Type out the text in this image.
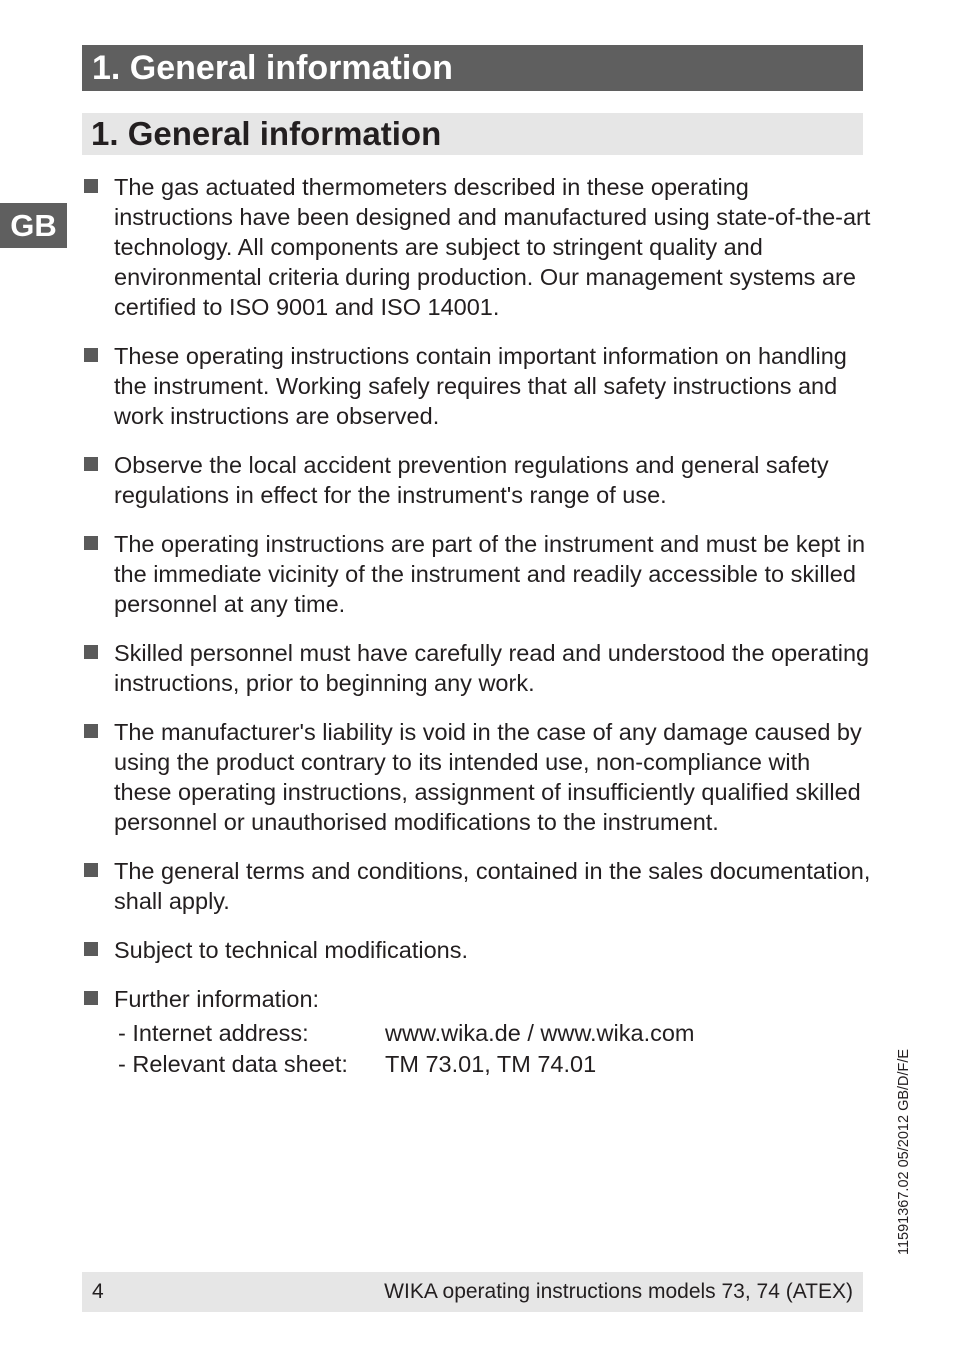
1. General information
1. General information
GB
The gas actuated thermometers described in these operating instructions have been designed and manufactured using state-of-the-art technology. All components are subject to stringent quality and environmental criteria during production. Our management systems are certified to ISO 9001 and ISO 14001.
These operating instructions contain important information on handling the instrument. Working safely requires that all safety instructions and work instructions are observed.
Observe the local accident prevention regulations and general safety regulations in effect for the instrument's range of use.
The operating instructions are part of the instrument and must be kept in the immediate vicinity of the instrument and readily accessible to skilled personnel at any time.
Skilled personnel must have carefully read and understood the operating instructions, prior to beginning any work.
The manufacturer's liability is void in the case of any damage caused by using the product contrary to its intended use, non-compliance with these operating instructions, assignment of insufficiently qualified skilled personnel or unauthorised modifications to the instrument.
The general terms and conditions, contained in the sales documentation, shall apply.
Subject to technical modifications.
Further information:
- Internet address:	www.wika.de / www.wika.com
- Relevant data sheet:	TM 73.01, TM 74.01	11591367.02 05/2012 GB/D/F/E
4	WIKA operating instructions models 73, 74 (ATEX)
